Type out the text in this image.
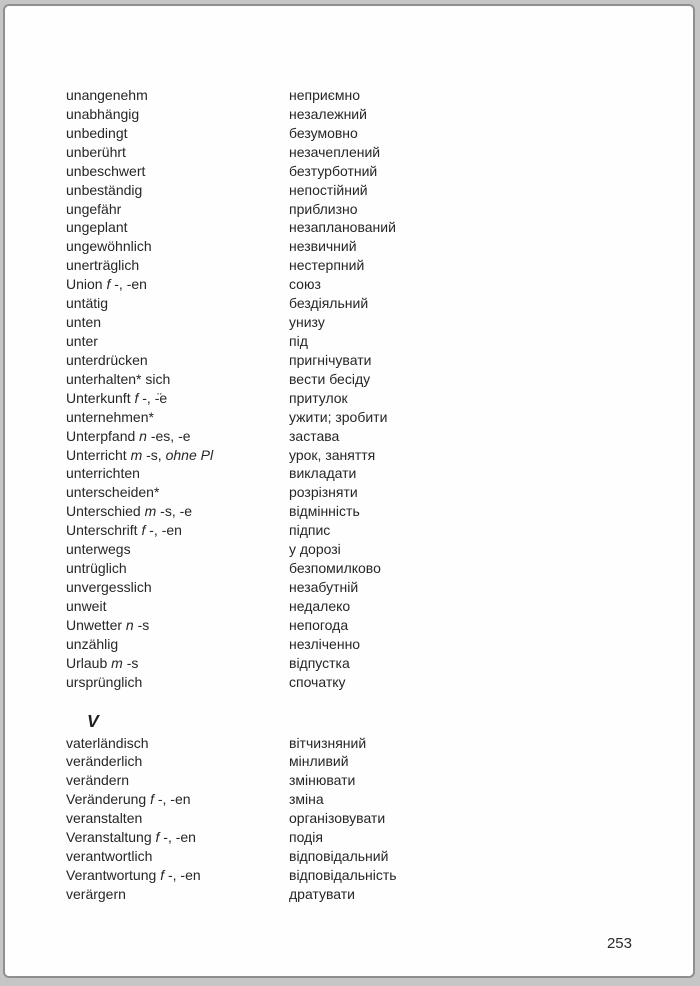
unangenehm	неприємно
unabhängig	незалежний
unbedingt	безумовно
unberührt	незачеплений
unbeschwert	безтурботний
unbeständig	непостійний
ungefähr	приблизно
ungeplant	незапланований
ungewöhnlich	незвичний
unerträglich	нестерпний
Union f -, -en	союз
untätig	бездіяльний
unten	унизу
unter	під
unterdrücken	пригнічувати
unterhalten* sich	вести бесіду
Unterkunft f -, -̈e	притулок
unternehmen*	ужити; зробити
Unterpfand n -es, -e	застава
Unterricht m -s, ohne Pl	урок, заняття
unterrichten	викладати
unterscheiden*	розрізняти
Unterschied m -s, -e	відмінність
Unterschrift f -, -en	підпис
unterwegs	у дорозі
untrüglich	безпомилково
unvergesslich	незабутній
unweit	недалеко
Unwetter n -s	непогода
unzählig	незліченно
Urlaub m -s	відпустка
ursprünglich	спочатку
V
vaterländisch	вітчизняний
veränderlich	мінливий
verändern	змінювати
Veränderung f -, -en	зміна
veranstalten	організовувати
Veranstaltung f -, -en	подія
verantwortlich	відповідальний
Verantwortung f -, -en	відповідальність
verärgern	дратувати
253
